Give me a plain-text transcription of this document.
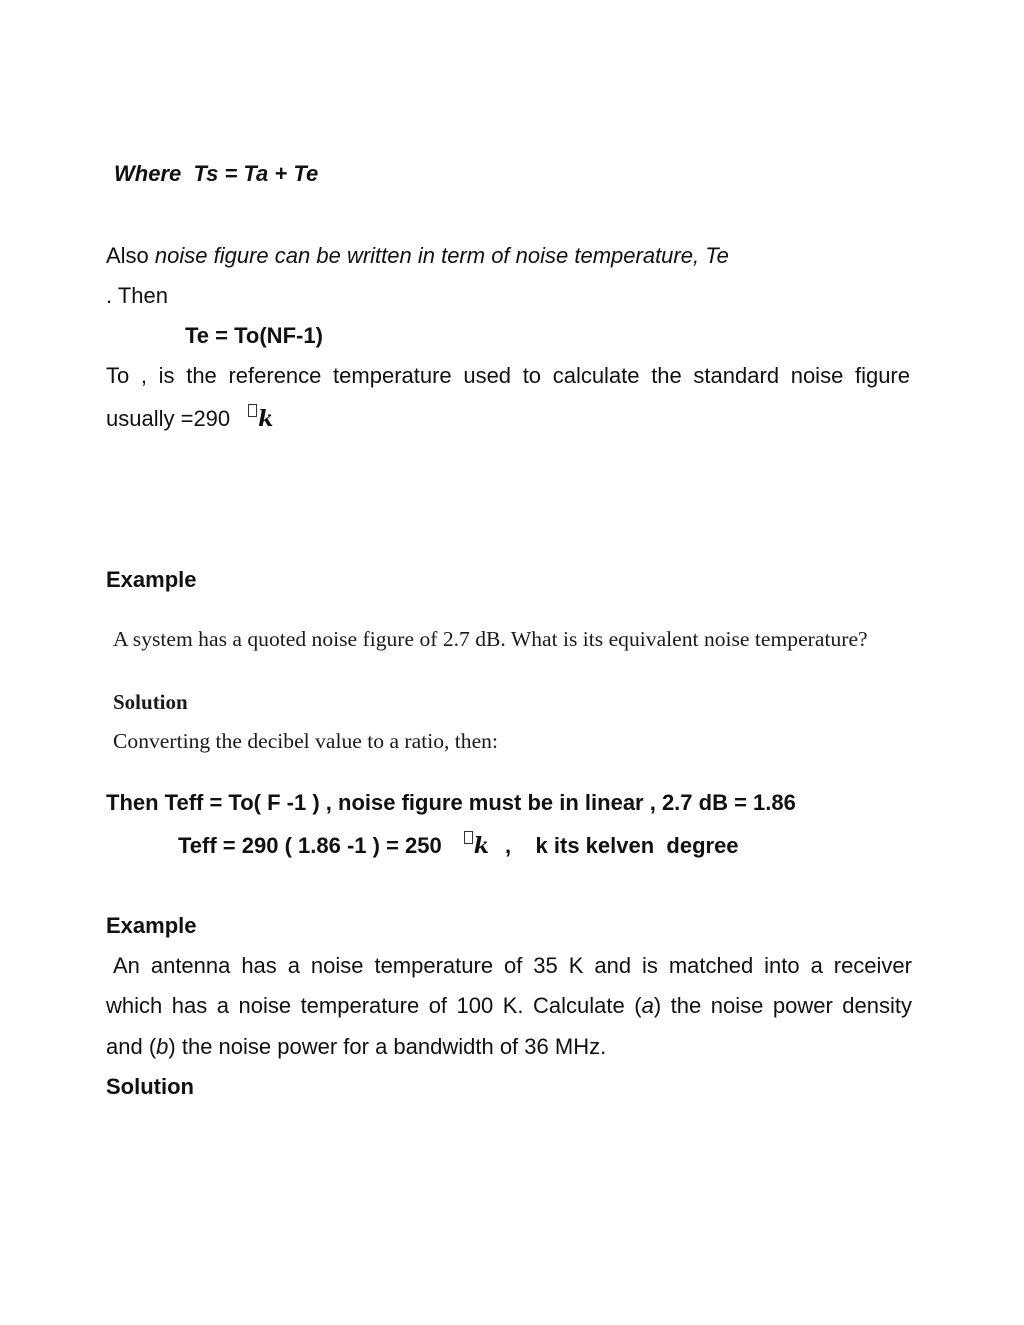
Where Ts = Ta + Te
Also noise figure can be written in term of noise temperature, Te
. Then
Te = To(NF-1)
To , is the reference temperature used to calculate the standard noise figure
usually =290 k
Example
A system has a quoted noise figure of 2.7 dB. What is its equivalent noise temperature?
Solution
Converting the decibel value to a ratio, then:
Then Teff = To( F -1 ) , noise figure must be in linear , 2.7 dB = 1.86
Teff = 290 ( 1.86 -1 ) = 250 k ,    k its kelven  degree
Example
An antenna has a noise temperature of 35 K and is matched into a receiver
which has a noise temperature of 100 K. Calculate (a) the noise power density
and (b) the noise power for a bandwidth of 36 MHz.
Solution
